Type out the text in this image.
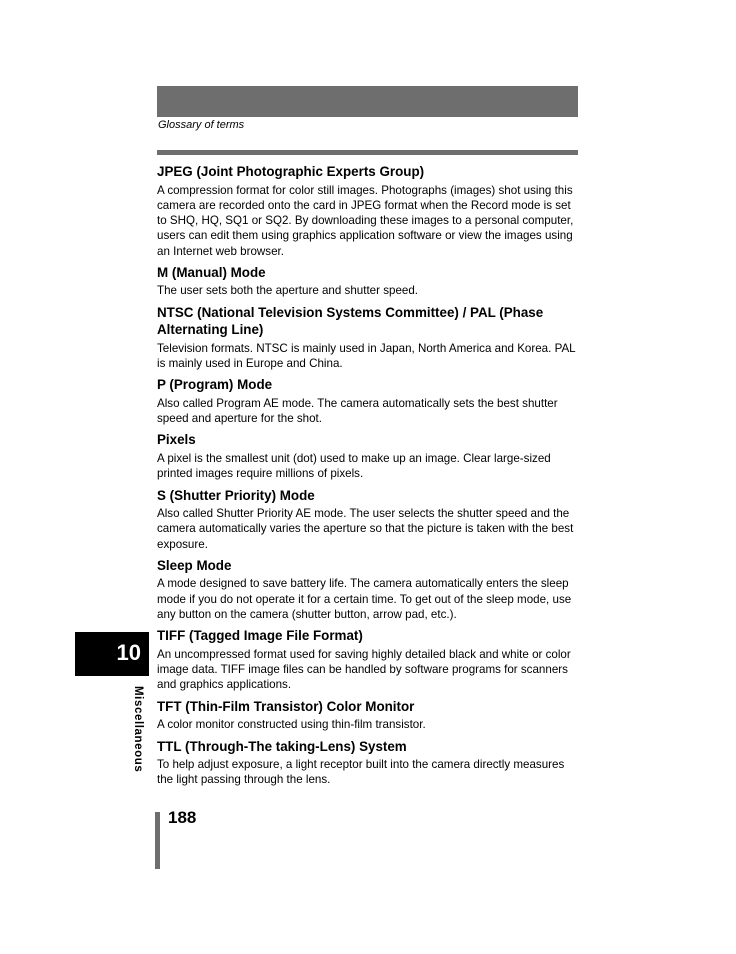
Glossary of terms
JPEG (Joint Photographic Experts Group)

A compression format for color still images. Photographs (images) shot using this camera are recorded onto the card in JPEG format when the Record mode is set to SHQ, HQ, SQ1 or SQ2. By downloading these images to a personal computer, users can edit them using graphics application software or view the images using an Internet web browser.

M (Manual) Mode

The user sets both the aperture and shutter speed.

NTSC (National Television Systems Committee) / PAL (Phase Alternating Line)

Television formats. NTSC is mainly used in Japan, North America and Korea. PAL is mainly used in Europe and China.

P (Program) Mode

Also called Program AE mode. The camera automatically sets the best shutter speed and aperture for the shot.

Pixels

A pixel is the smallest unit (dot) used to make up an image. Clear large-sized printed images require millions of pixels.

S (Shutter Priority) Mode

Also called Shutter Priority AE mode. The user selects the shutter speed and the camera automatically varies the aperture so that the picture is taken with the best exposure.

Sleep Mode

A mode designed to save battery life. The camera automatically enters the sleep mode if you do not operate it for a certain time. To get out of the sleep mode, use any button on the camera (shutter button, arrow pad, etc.).

TIFF (Tagged Image File Format)

An uncompressed format used for saving highly detailed black and white or color image data. TIFF image files can be handled by software programs for scanners and graphics applications.

TFT (Thin-Film Transistor) Color Monitor

A color monitor constructed using thin-film transistor.

TTL (Through-The taking-Lens) System

To help adjust exposure, a light receptor built into the camera directly measures the light passing through the lens.

10
Miscellaneous
188
